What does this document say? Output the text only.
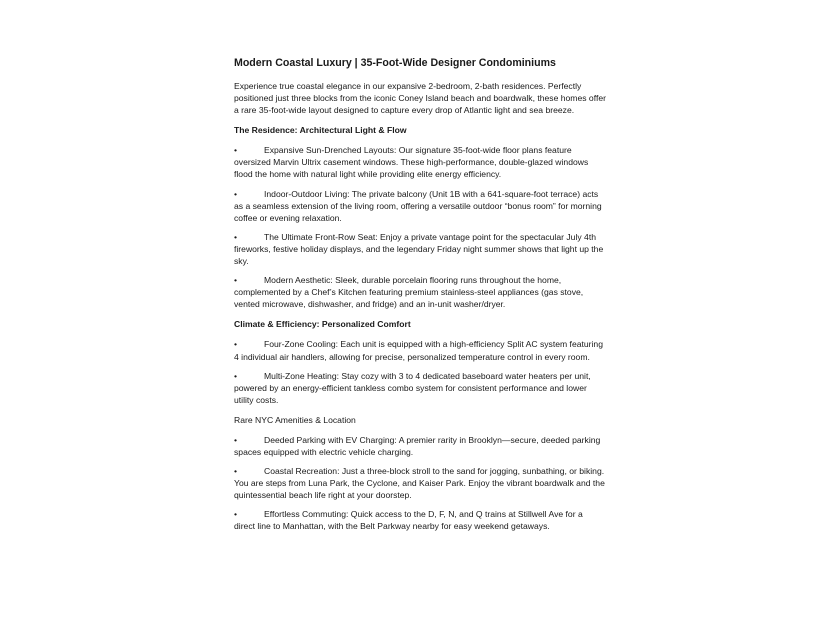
Modern Coastal Luxury | 35-Foot-Wide Designer Condominiums

Experience true coastal elegance in our expansive 2-bedroom, 2-bath residences. Perfectly positioned just three blocks from the iconic Coney Island beach and boardwalk, these homes offer a rare 35-foot-wide layout designed to capture every drop of Atlantic light and sea breeze.

The Residence: Architectural Light & Flow
•	Expansive Sun-Drenched Layouts: Our signature 35-foot-wide floor plans feature oversized Marvin Ultrix casement windows. These high-performance, double-glazed windows flood the home with natural light while providing elite energy efficiency.
•	Indoor-Outdoor Living: The private balcony (Unit 1B with a 641-square-foot terrace) acts as a seamless extension of the living room, offering a versatile outdoor “bonus room” for morning coffee or evening relaxation.
•	The Ultimate Front-Row Seat: Enjoy a private vantage point for the spectacular July 4th fireworks, festive holiday displays, and the legendary Friday night summer shows that light up the sky.
•	Modern Aesthetic: Sleek, durable porcelain flooring runs throughout the home, complemented by a Chef’s Kitchen featuring premium stainless-steel appliances (gas stove, vented microwave, dishwasher, and fridge) and an in-unit washer/dryer.
Climate & Efficiency: Personalized Comfort
•	Four-Zone Cooling: Each unit is equipped with a high-efficiency Split AC system featuring 4 individual air handlers, allowing for precise, personalized temperature control in every room.
•	Multi-Zone Heating: Stay cozy with 3 to 4 dedicated baseboard water heaters per unit, powered by an energy-efficient tankless combo system for consistent performance and lower utility costs.
Rare NYC Amenities & Location
•	Deeded Parking with EV Charging: A premier rarity in Brooklyn—secure, deeded parking spaces equipped with electric vehicle charging.
•	Coastal Recreation: Just a three-block stroll to the sand for jogging, sunbathing, or biking. You are steps from Luna Park, the Cyclone, and Kaiser Park. Enjoy the vibrant boardwalk and the quintessential beach life right at your doorstep.
•	Effortless Commuting: Quick access to the D, F, N, and Q trains at Stillwell Ave for a direct line to Manhattan, with the Belt Parkway nearby for easy weekend getaways.
